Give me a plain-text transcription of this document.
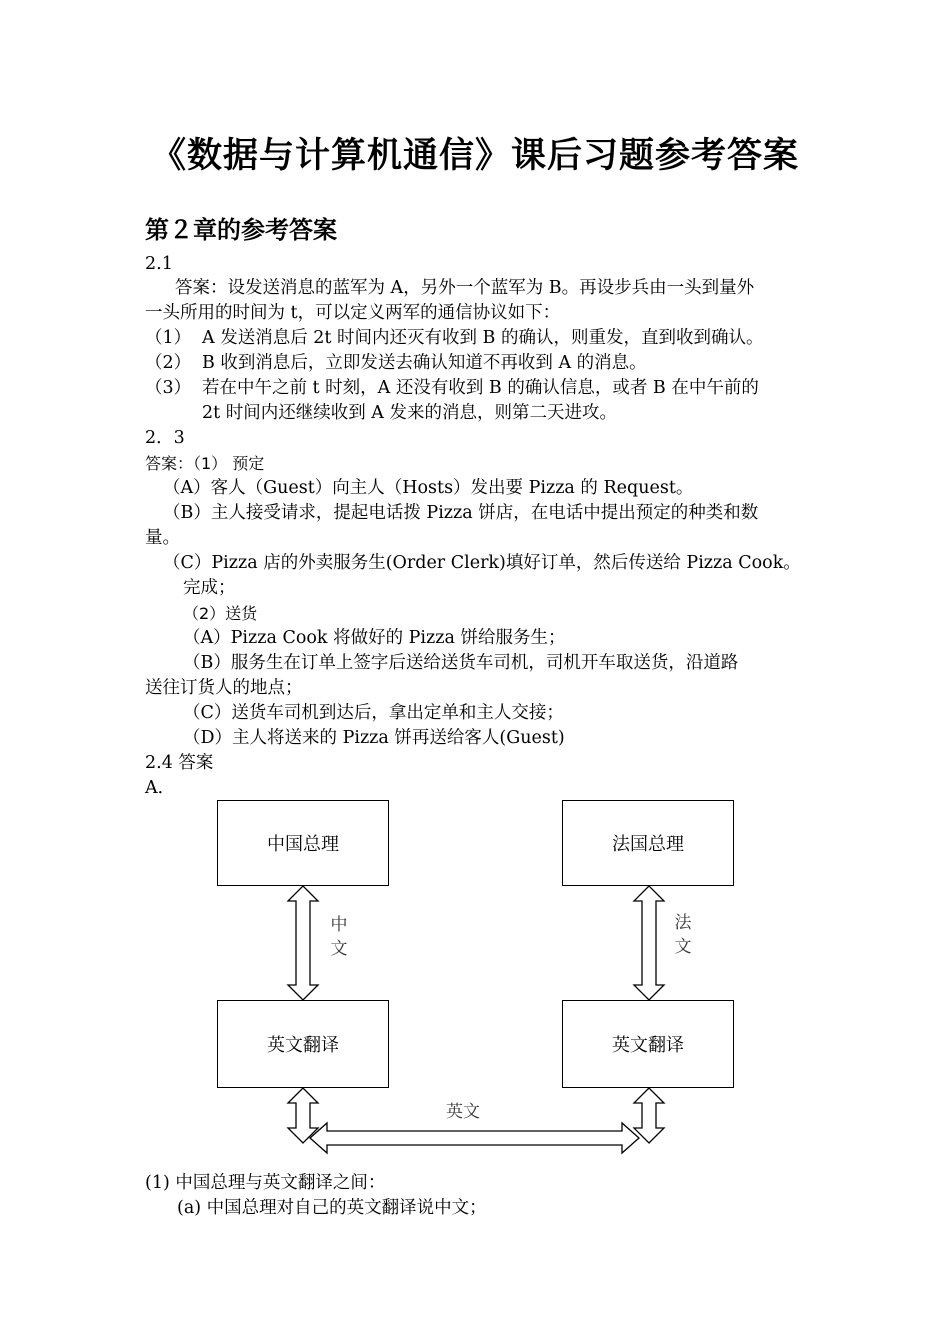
《数据与计算机通信》课后习题参考答案
第２章的参考答案
2.1
答案：设发送消息的蓝军为 A，另外一个蓝军为 B。再设步兵由一头到量外
一头所用的时间为 t，可以定义两军的通信协议如下：
（1） A 发送消息后 2t 时间内还灭有收到 B 的确认，则重发，直到收到确认。
（2） B 收到消息后，立即发送去确认知道不再收到 A 的消息。
（3） 若在中午之前 t 时刻，A 还没有收到 B 的确认信息，或者 B 在中午前的
2t 时间内还继续收到 A 发来的消息，则第二天进攻。
2．3
答案：（1） 预定
（A）客人（Guest）向主人（Hosts）发出要 Pizza 的 Request。
（B）主人接受请求，提起电话拨 Pizza 饼店，在电话中提出预定的种类和数
量。
（C）Pizza 店的外卖服务生(Order Clerk)填好订单，然后传送给 Pizza Cook。
完成；
（2）送货
（A）Pizza Cook 将做好的 Pizza 饼给服务生；
（B）服务生在订单上签字后送给送货车司机，司机开车取送货，沿道路
送往订货人的地点；
（C）送货车司机到达后，拿出定单和主人交接；
（D）主人将送来的 Pizza 饼再送给客人(Guest)
2.4 答案
A．
中国总理	法国总理
英文翻译	英文翻译
中文
法文
英文
(1) 中国总理与英文翻译之间：
(a) 中国总理对自己的英文翻译说中文；
